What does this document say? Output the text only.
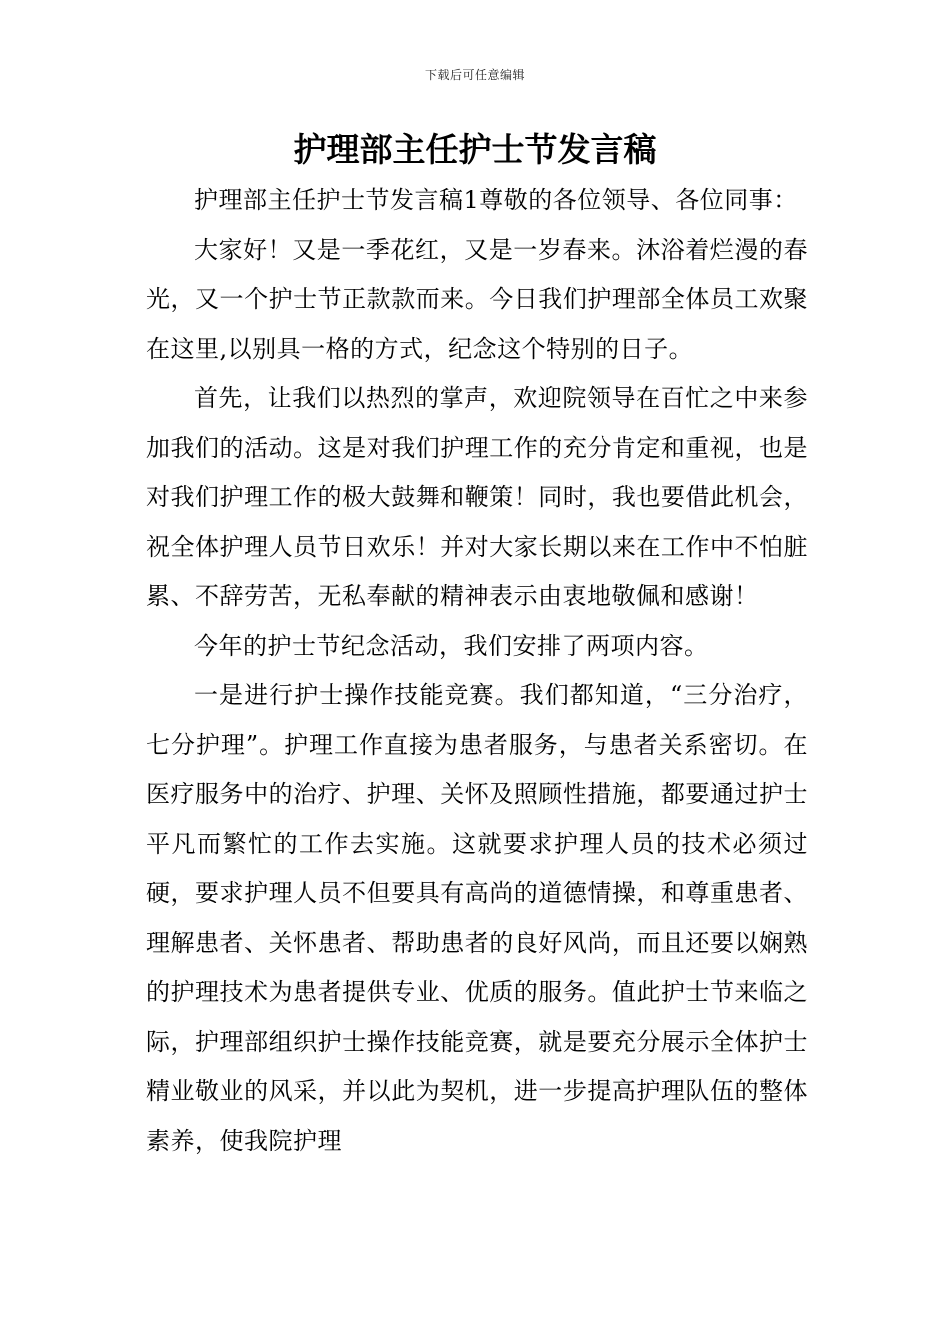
下载后可任意编辑
护理部主任护士节发言稿

护理部主任护士节发言稿1尊敬的各位领导、各位同事：

大家好！又是一季花红，又是一岁春来。沐浴着烂漫的春光，又一个护士节正款款而来。今日我们护理部全体员工欢聚在这里,以别具一格的方式，纪念这个特别的日子。

首先，让我们以热烈的掌声，欢迎院领导在百忙之中来参加我们的活动。这是对我们护理工作的充分肯定和重视，也是对我们护理工作的极大鼓舞和鞭策！同时，我也要借此机会，祝全体护理人员节日欢乐！并对大家长期以来在工作中不怕脏累、不辞劳苦，无私奉献的精神表示由衷地敬佩和感谢！

今年的护士节纪念活动，我们安排了两项内容。

一是进行护士操作技能竞赛。我们都知道，“三分治疗，七分护理”。护理工作直接为患者服务，与患者关系密切。在医疗服务中的治疗、护理、关怀及照顾性措施，都要通过护士平凡而繁忙的工作去实施。这就要求护理人员的技术必须过硬，要求护理人员不但要具有高尚的道德情操，和尊重患者、理解患者、关怀患者、帮助患者的良好风尚，而且还要以娴熟的护理技术为患者提供专业、优质的服务。值此护士节来临之际，护理部组织护士操作技能竞赛，就是要充分展示全体护士精业敬业的风采，并以此为契机，进一步提高护理队伍的整体素养，使我院护理
